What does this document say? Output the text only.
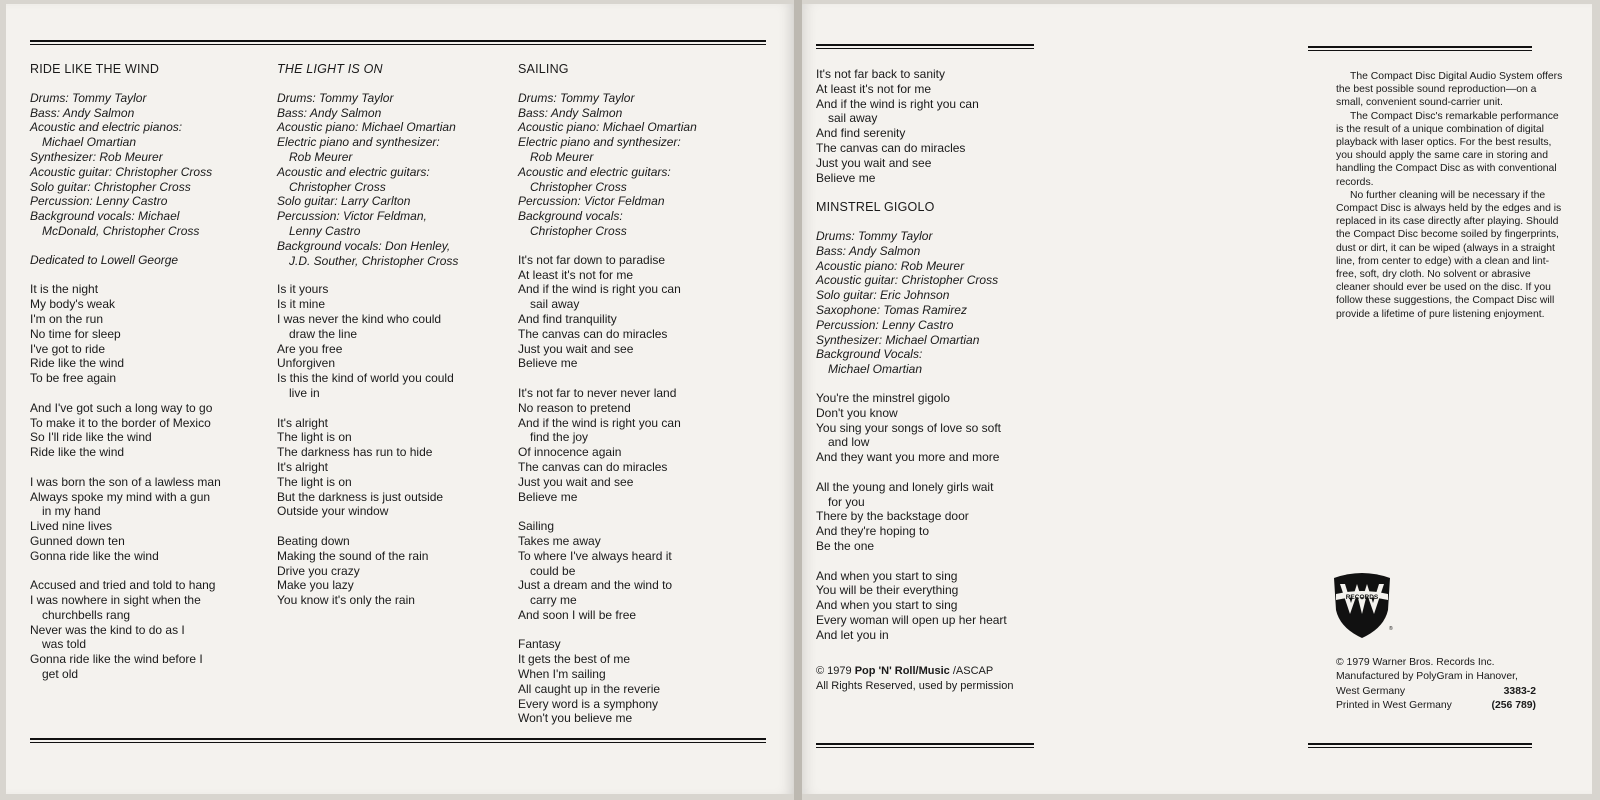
RIDE LIKE THE WIND
Drums: Tommy Taylor
Bass: Andy Salmon
Acoustic and electric pianos:
Michael Omartian
Synthesizer: Rob Meurer
Acoustic guitar: Christopher Cross
Solo guitar: Christopher Cross
Percussion: Lenny Castro
Background vocals: Michael
McDonald, Christopher Cross
Dedicated to Lowell George
It is the night
My body's weak
I'm on the run
No time for sleep
I've got to ride
Ride like the wind
To be free again
And I've got such a long way to go
To make it to the border of Mexico
So I'll ride like the wind
Ride like the wind
I was born the son of a lawless man
Always spoke my mind with a gun
in my hand
Lived nine lives
Gunned down ten
Gonna ride like the wind
Accused and tried and told to hang
I was nowhere in sight when the
churchbells rang
Never was the kind to do as I
was told
Gonna ride like the wind before I
get old
THE LIGHT IS ON
Drums: Tommy Taylor
Bass: Andy Salmon
Acoustic piano: Michael Omartian
Electric piano and synthesizer:
Rob Meurer
Acoustic and electric guitars:
Christopher Cross
Solo guitar: Larry Carlton
Percussion: Victor Feldman,
Lenny Castro
Background vocals: Don Henley,
J.D. Souther, Christopher Cross
Is it yours
Is it mine
I was never the kind who could
draw the line
Are you free
Unforgiven
Is this the kind of world you could
live in
It's alright
The light is on
The darkness has run to hide
It's alright
The light is on
But the darkness is just outside
Outside your window
Beating down
Making the sound of the rain
Drive you crazy
Make you lazy
You know it's only the rain
SAILING
Drums: Tommy Taylor
Bass: Andy Salmon
Acoustic piano: Michael Omartian
Electric piano and synthesizer:
Rob Meurer
Acoustic and electric guitars:
Christopher Cross
Percussion: Victor Feldman
Background vocals:
Christopher Cross
It's not far down to paradise
At least it's not for me
And if the wind is right you can
sail away
And find tranquility
The canvas can do miracles
Just you wait and see
Believe me
It's not far to never never land
No reason to pretend
And if the wind is right you can
find the joy
Of innocence again
The canvas can do miracles
Just you wait and see
Believe me
Sailing
Takes me away
To where I've always heard it
could be
Just a dream and the wind to
carry me
And soon I will be free
Fantasy
It gets the best of me
When I'm sailing
All caught up in the reverie
Every word is a symphony
Won't you believe me
It's not far back to sanity
At least it's not for me
And if the wind is right you can
sail away
And find serenity
The canvas can do miracles
Just you wait and see
Believe me
MINSTREL GIGOLO
Drums: Tommy Taylor
Bass: Andy Salmon
Acoustic piano: Rob Meurer
Acoustic guitar: Christopher Cross
Solo guitar: Eric Johnson
Saxophone: Tomas Ramirez
Percussion: Lenny Castro
Synthesizer: Michael Omartian
Background Vocals:
Michael Omartian
You're the minstrel gigolo
Don't you know
You sing your songs of love so soft
and low
And they want you more and more
All the young and lonely girls wait
for you
There by the backstage door
And they're hoping to
Be the one
And when you start to sing
You will be their everything
And when you start to sing
Every woman will open up her heart
And let you in
© 1979 Pop 'N' Roll/Music /ASCAP
All Rights Reserved, used by permission

The Compact Disc Digital Audio System offers the best possible sound reproduction—on a small, convenient sound-carrier unit.

The Compact Disc's remarkable performance is the result of a unique combination of digital playback with laser optics. For the best results, you should apply the same care in storing and handling the Compact Disc as with conventional records.

No further cleaning will be necessary if the Compact Disc is always held by the edges and is replaced in its case directly after playing. Should the Compact Disc become soiled by fingerprints, dust or dirt, it can be wiped (always in a straight line, from center to edge) with a clean and lint-free, soft, dry cloth. No solvent or abrasive cleaner should ever be used on the disc. If you follow these suggestions, the Compact Disc will provide a lifetime of pure listening enjoyment.

RECORDS
®
© 1979 Warner Bros. Records Inc.
Manufactured by PolyGram in Hanover,
West Germany	3383-2
Printed in West Germany	(256 789)
